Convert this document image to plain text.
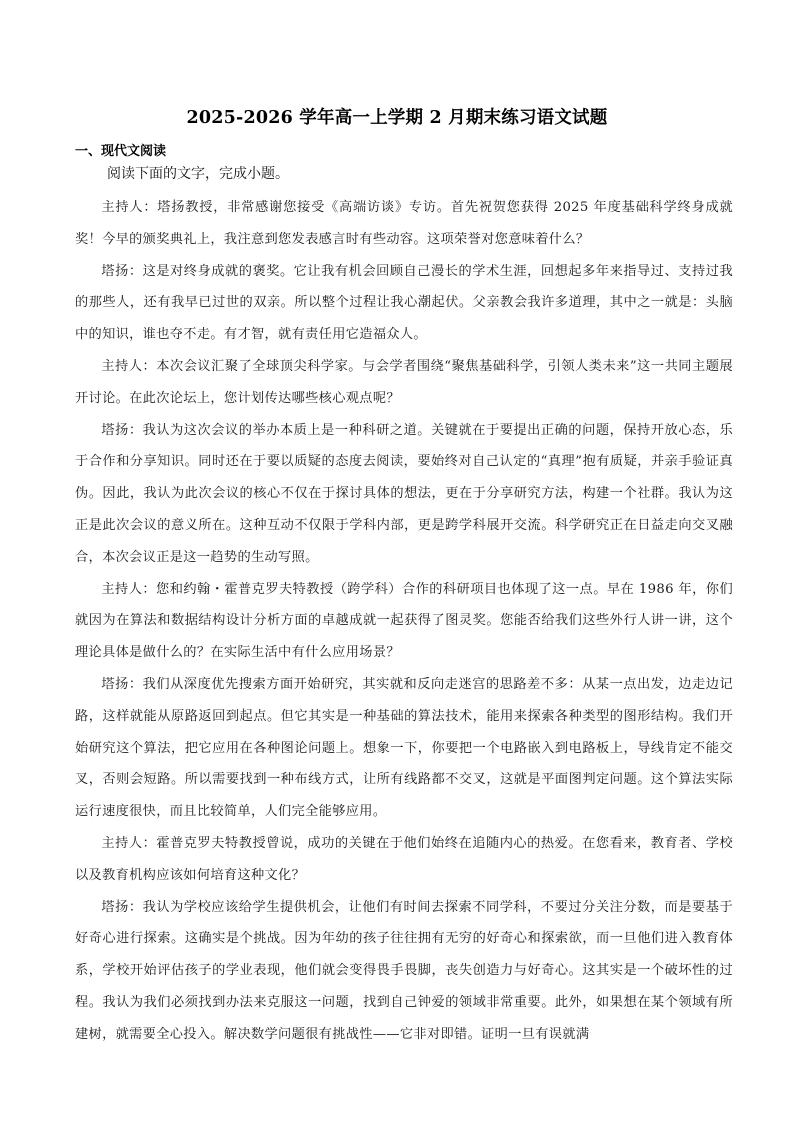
2025-2026 学年高一上学期 2 月期末练习语文试题
一、现代文阅读
阅读下面的文字，完成小题。

主持人：塔扬教授，非常感谢您接受《高端访谈》专访。首先祝贺您获得 2025 年度基础科学终身成就奖！今早的颁奖典礼上，我注意到您发表感言时有些动容。这项荣誉对您意味着什么？

塔扬：这是对终身成就的褒奖。它让我有机会回顾自己漫长的学术生涯，回想起多年来指导过、支持过我的那些人，还有我早已过世的双亲。所以整个过程让我心潮起伏。父亲教会我许多道理，其中之一就是：头脑中的知识，谁也夺不走。有才智，就有责任用它造福众人。

主持人：本次会议汇聚了全球顶尖科学家。与会学者围绕“聚焦基础科学，引领人类未来”这一共同主题展开讨论。在此次论坛上，您计划传达哪些核心观点呢？

塔扬：我认为这次会议的举办本质上是一种科研之道。关键就在于要提出正确的问题，保持开放心态，乐于合作和分享知识。同时还在于要以质疑的态度去阅读，要始终对自己认定的“真理”抱有质疑，并亲手验证真伪。因此，我认为此次会议的核心不仅在于探讨具体的想法，更在于分享研究方法，构建一个社群。我认为这正是此次会议的意义所在。这种互动不仅限于学科内部，更是跨学科展开交流。科学研究正在日益走向交叉融合，本次会议正是这一趋势的生动写照。

主持人：您和约翰・霍普克罗夫特教授（跨学科）合作的科研项目也体现了这一点。早在 1986 年，你们就因为在算法和数据结构设计分析方面的卓越成就一起获得了图灵奖。您能否给我们这些外行人讲一讲，这个理论具体是做什么的？在实际生活中有什么应用场景？

塔扬：我们从深度优先搜索方面开始研究，其实就和反向走迷宫的思路差不多：从某一点出发，边走边记路，这样就能从原路返回到起点。但它其实是一种基础的算法技术，能用来探索各种类型的图形结构。我们开始研究这个算法，把它应用在各种图论问题上。想象一下，你要把一个电路嵌入到电路板上，导线肯定不能交叉，否则会短路。所以需要找到一种布线方式，让所有线路都不交叉，这就是平面图判定问题。这个算法实际运行速度很快，而且比较简单，人们完全能够应用。

主持人：霍普克罗夫特教授曾说，成功的关键在于他们始终在追随内心的热爱。在您看来，教育者、学校以及教育机构应该如何培育这种文化？

塔扬：我认为学校应该给学生提供机会，让他们有时间去探索不同学科，不要过分关注分数，而是要基于好奇心进行探索。这确实是个挑战。因为年幼的孩子往往拥有无穷的好奇心和探索欲，而一旦他们进入教育体系，学校开始评估孩子的学业表现，他们就会变得畏手畏脚，丧失创造力与好奇心。这其实是一个破坏性的过程。我认为我们必须找到办法来克服这一问题，找到自己钟爱的领域非常重要。此外，如果想在某个领域有所建树，就需要全心投入。解决数学问题很有挑战性——它非对即错。证明一旦有误就满
